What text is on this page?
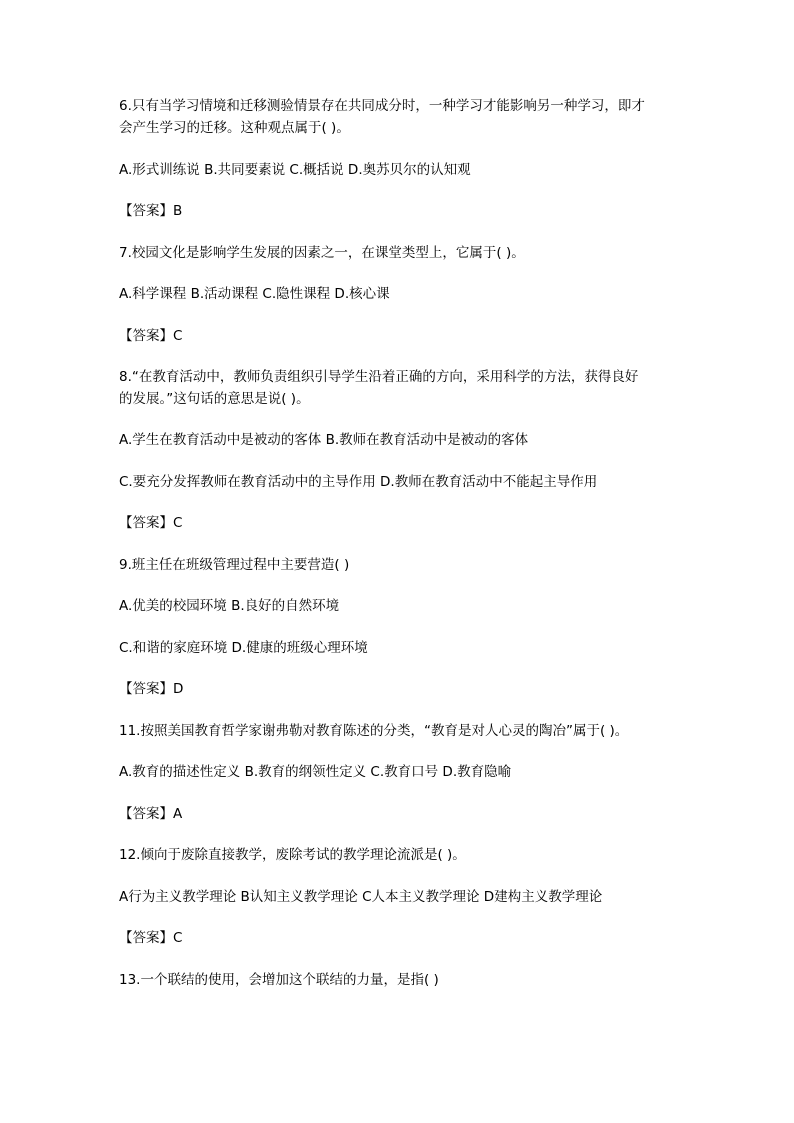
6.只有当学习情境和迁移测验情景存在共同成分时，一种学习才能影响另一种学习，即才
会产生学习的迁移。这种观点属于( )。
A.形式训练说 B.共同要素说 C.概括说 D.奥苏贝尔的认知观
【答案】B
7.校园文化是影响学生发展的因素之一，在课堂类型上，它属于( )。
A.科学课程 B.活动课程 C.隐性课程 D.核心课
【答案】C
8.“在教育活动中，教师负责组织引导学生沿着正确的方向，采用科学的方法，获得良好
的发展。”这句话的意思是说( )。
A.学生在教育活动中是被动的客体 B.教师在教育活动中是被动的客体
C.要充分发挥教师在教育活动中的主导作用 D.教师在教育活动中不能起主导作用
【答案】C
9.班主任在班级管理过程中主要营造( )
A.优美的校园环境 B.良好的自然环境
C.和谐的家庭环境 D.健康的班级心理环境
【答案】D
11.按照美国教育哲学家谢弗勒对教育陈述的分类，“教育是对人心灵的陶冶”属于( )。
A.教育的描述性定义 B.教育的纲领性定义 C.教育口号 D.教育隐喻
【答案】A
12.倾向于废除直接教学，废除考试的教学理论流派是( )。
A行为主义教学理论 B认知主义教学理论 C人本主义教学理论 D建构主义教学理论
【答案】C
13.一个联结的使用，会增加这个联结的力量，是指( )
